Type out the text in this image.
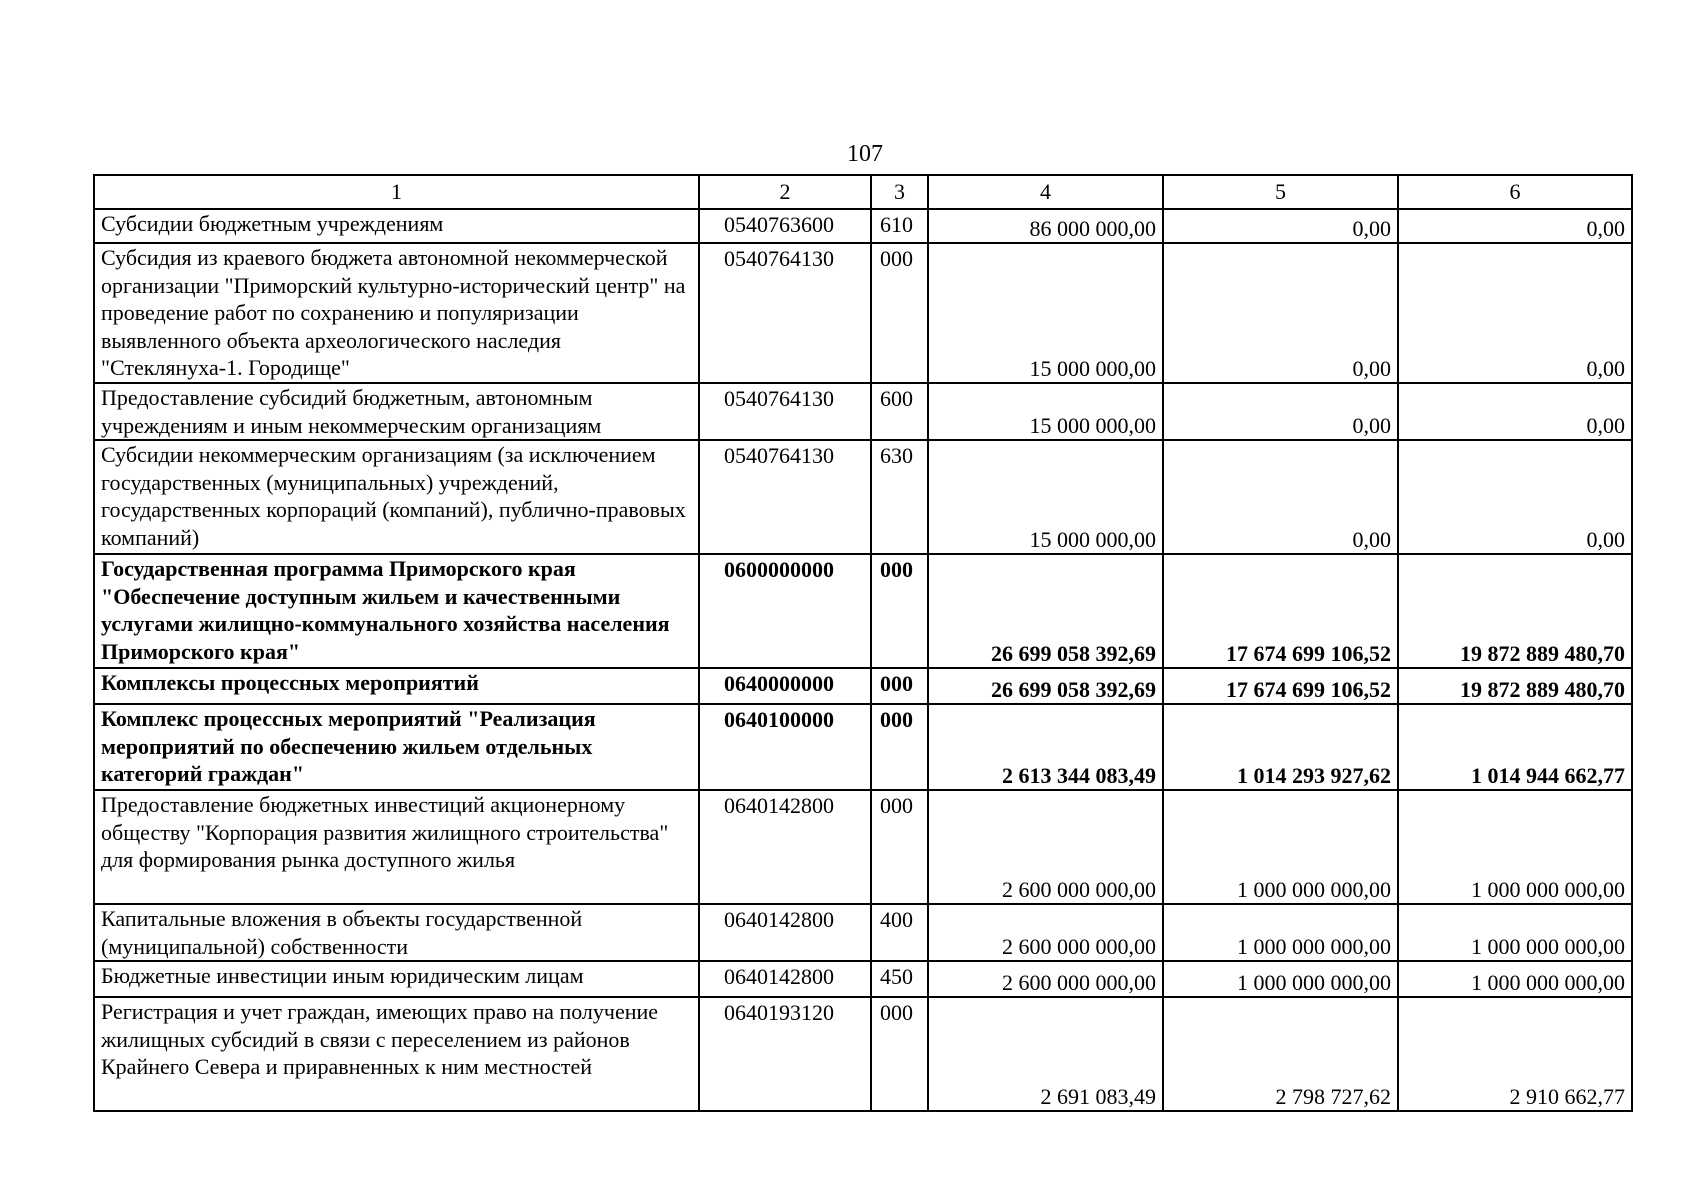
107
1	2	3	4	5	6
Субсидии бюджетным учреждениям	0540763600	610	86 000 000,00	0,00	0,00
Субсидия из краевого бюджета автономной некоммерческой организации "Приморский культурно-исторический центр" на проведение работ по сохранению и популяризации выявленного объекта археологического наследия "Стеклянуха-1. Городище"	0540764130	000	15 000 000,00	0,00	0,00
Предоставление субсидий бюджетным, автономным учреждениям и иным некоммерческим организациям	0540764130	600	15 000 000,00	0,00	0,00
Субсидии некоммерческим организациям (за исключением государственных (муниципальных) учреждений, государственных корпораций (компаний), публично-правовых компаний)	0540764130	630	15 000 000,00	0,00	0,00
Государственная программа Приморского края "Обеспечение доступным жильем и качественными услугами жилищно-коммунального хозяйства населения Приморского края"	0600000000	000	26 699 058 392,69	17 674 699 106,52	19 872 889 480,70
Комплексы процессных мероприятий	0640000000	000	26 699 058 392,69	17 674 699 106,52	19 872 889 480,70
Комплекс процессных мероприятий "Реализация мероприятий по обеспечению жильем отдельных категорий граждан"	0640100000	000	2 613 344 083,49	1 014 293 927,62	1 014 944 662,77
Предоставление бюджетных инвестиций акционерному обществу "Корпорация развития жилищного строительства" для формирования рынка доступного жилья	0640142800	000	2 600 000 000,00	1 000 000 000,00	1 000 000 000,00
Капитальные вложения в объекты государственной (муниципальной) собственности	0640142800	400	2 600 000 000,00	1 000 000 000,00	1 000 000 000,00
Бюджетные инвестиции иным юридическим лицам	0640142800	450	2 600 000 000,00	1 000 000 000,00	1 000 000 000,00
Регистрация и учет граждан, имеющих право на получение жилищных субсидий в связи с переселением из районов Крайнего Севера и приравненных к ним местностей	0640193120	000	2 691 083,49	2 798 727,62	2 910 662,77
